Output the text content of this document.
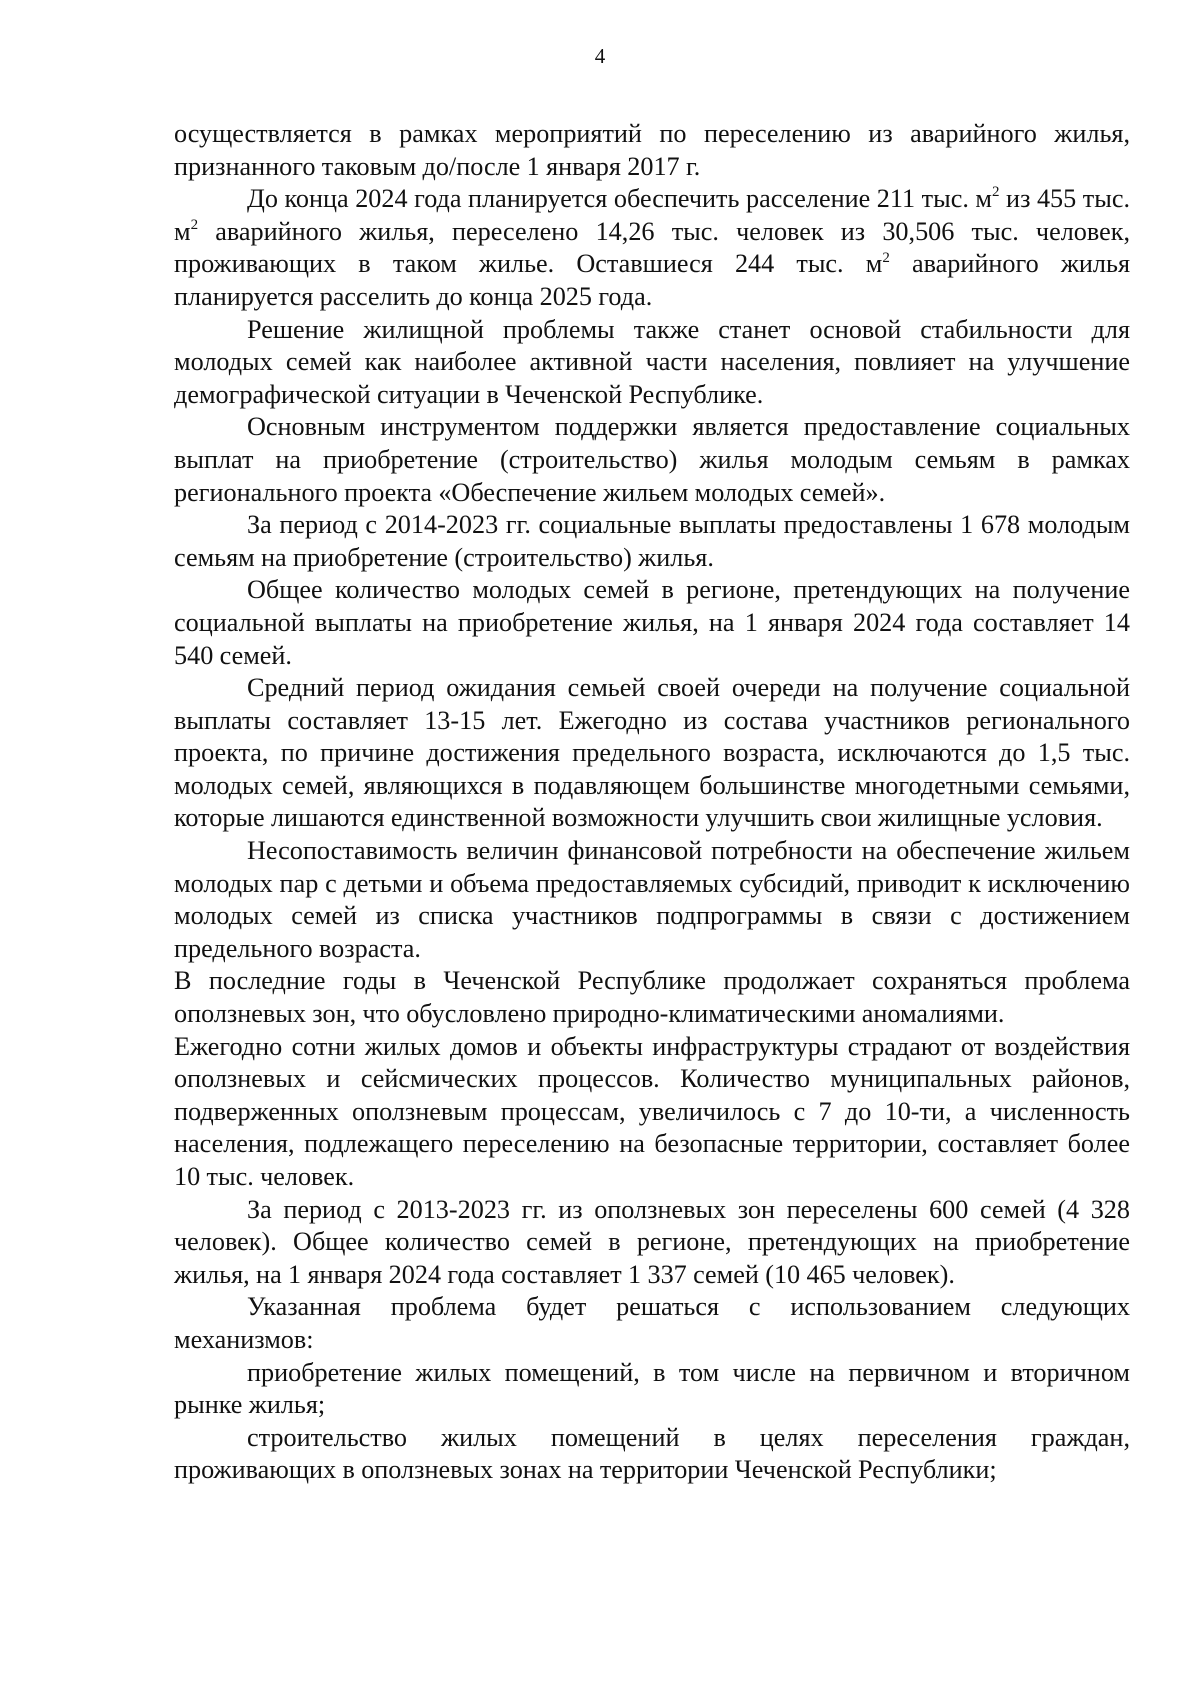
4

осуществляется в рамках мероприятий по переселению из аварийного жилья, признанного таковым до/после 1 января 2017 г.

До конца 2024 года планируется обеспечить расселение 211 тыс. $м^2$ из 455 тыс. $м^2$ аварийного жилья, переселено 14,26 тыс. человек из 30,506 тыс. человек, проживающих в таком жилье. Оставшиеся 244 тыс. $м^2$ аварийного жилья планируется расселить до конца 2025 года.

Решение жилищной проблемы также станет основой стабильности для молодых семей как наиболее активной части населения, повлияет на улучшение демографической ситуации в Чеченской Республике.

Основным инструментом поддержки является предоставление социальных выплат на приобретение (строительство) жилья молодым семьям в рамках регионального проекта «Обеспечение жильем молодых семей».

За период с 2014-2023 гг. социальные выплаты предоставлены 1 678 молодым семьям на приобретение (строительство) жилья.

Общее количество молодых семей в регионе, претендующих на получение социальной выплаты на приобретение жилья, на 1 января 2024 года составляет 14 540 семей.

Средний период ожидания семьей своей очереди на получение социальной выплаты составляет 13-15 лет. Ежегодно из состава участников регионального проекта, по причине достижения предельного возраста, исключаются до 1,5 тыс. молодых семей, являющихся в подавляющем большинстве многодетными семьями, которые лишаются единственной возможности улучшить свои жилищные условия.

Несопоставимость величин финансовой потребности на обеспечение жильем молодых пар с детьми и объема предоставляемых субсидий, приводит к исключению молодых семей из списка участников подпрограммы в связи с достижением предельного возраста.

В последние годы в Чеченской Республике продолжает сохраняться проблема оползневых зон, что обусловлено природно-климатическими аномалиями.

Ежегодно сотни жилых домов и объекты инфраструктуры страдают от воздействия оползневых и сейсмических процессов. Количество муниципальных районов, подверженных оползневым процессам, увеличилось с 7 до 10-ти, а численность населения, подлежащего переселению на безопасные территории, составляет более 10 тыс. человек.

За период с 2013-2023 гг. из оползневых зон переселены 600 семей (4 328 человек). Общее количество семей в регионе, претендующих на приобретение жилья, на 1 января 2024 года составляет 1 337 семей (10 465 человек).

Указанная проблема будет решаться с использованием следующих механизмов:

приобретение жилых помещений, в том числе на первичном и вторичном рынке жилья;

строительство жилых помещений в целях переселения граждан, проживающих в оползневых зонах на территории Чеченской Республики;
